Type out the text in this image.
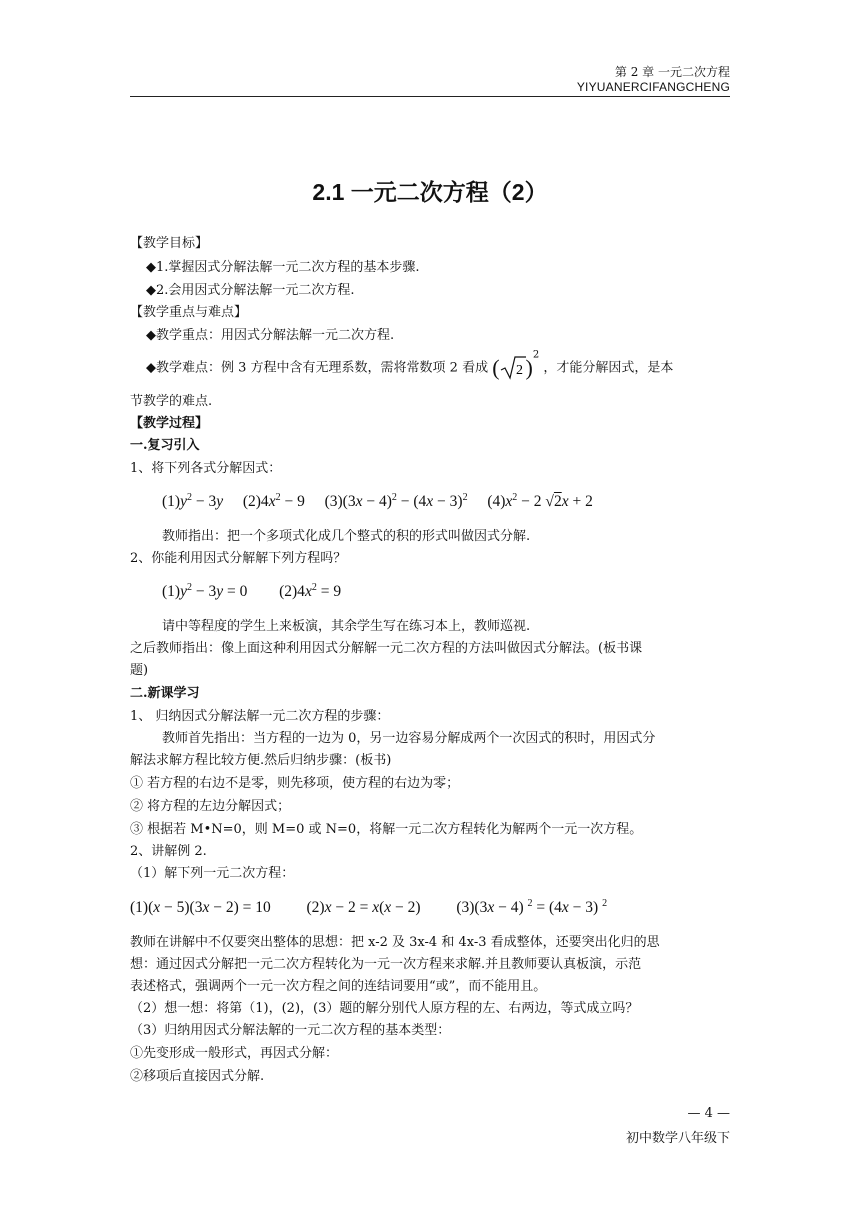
第 2 章 一元二次方程
YIYUANERCIFANGCHENG
2.1 一元二次方程（2）
【教学目标】
◆1.掌握因式分解法解一元二次方程的基本步骤.
◆2.会用因式分解法解一元二次方程.
【教学重点与难点】
◆教学重点：用因式分解法解一元二次方程.
◆教学难点：例 3 方程中含有无理系数，需将常数项 2 看成 ( 2 )$^2$ ，才能分解因式，是本
节教学的难点.
【教学过程】
一.复习引入
1、将下列各式分解因式：
$(1)y^2 - 3y$ $(2)4x^2 - 9$ $(3)(3x - 4)^2 - (4x - 3)^2$ $(4)x^2 - 2$ √2x + 2
教师指出：把一个多项式化成几个整式的积的形式叫做因式分解.
2、你能利用因式分解解下列方程吗？
$(1)y^2 - 3y = 0$ $(2)4x^2 = 9$
请中等程度的学生上来板演，其余学生写在练习本上，教师巡视.
之后教师指出：像上面这种利用因式分解解一元二次方程的方法叫做因式分解法。(板书课
题)
二.新课学习
1、 归纳因式分解法解一元二次方程的步骤：
教师首先指出：当方程的一边为 0，另一边容易分解成两个一次因式的积时，用因式分
解法求解方程比较方便.然后归纳步骤：(板书)
① 若方程的右边不是零，则先移项，使方程的右边为零；
② 将方程的左边分解因式；
③ 根据若 M•N=0，则 M=0 或 N=0，将解一元二次方程转化为解两个一元一次方程。
2、讲解例 2.
（1）解下列一元二次方程：
(1)(x − 5)(3x − 2) = 10 (2)x − 2 = x(x − 2) (3)(3x − 4) $^2$ = (4x − 3) $^2$
教师在讲解中不仅要突出整体的思想：把 x-2 及 3x-4 和 4x-3 看成整体，还要突出化归的思
想：通过因式分解把一元二次方程转化为一元一次方程来求解.并且教师要认真板演，示范
表述格式，强调两个一元一次方程之间的连结词要用“或”，而不能用且。
（2）想一想：将第（1)，(2)，(3）题的解分别代人原方程的左、右两边，等式成立吗？
（3）归纳用因式分解法解的一元二次方程的基本类型：
①先变形成一般形式，再因式分解：
②移项后直接因式分解.
— 4 —
初中数学八年级下
